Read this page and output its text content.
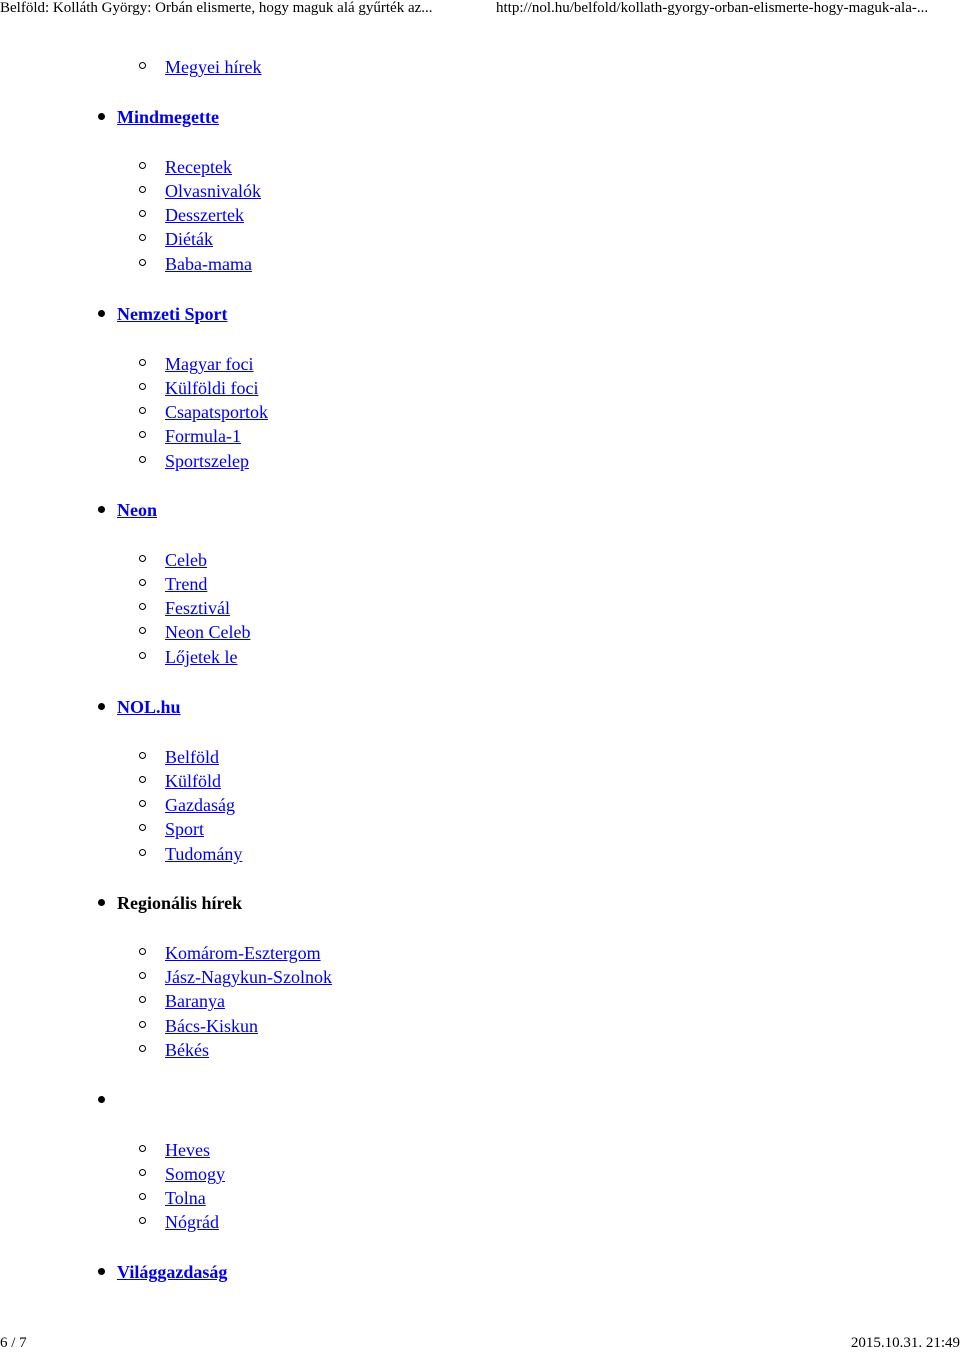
Belföld: Kolláth György: Orbán elismerte, hogy maguk alá gyűrték az...	http://nol.hu/belfold/kollath-gyorgy-orban-elismerte-hogy-maguk-ala-...
Megyei hírek
Mindmegette
Receptek
Olvasnivalók
Desszertek
Diéták
Baba-mama
Nemzeti Sport
Magyar foci
Külföldi foci
Csapatsportok
Formula-1
Sportszelep
Neon
Celeb
Trend
Fesztivál
Neon Celeb
Lőjetek le
NOL.hu
Belföld
Külföld
Gazdaság
Sport
Tudomány
Regionális hírek
Komárom-Esztergom
Jász-Nagykun-Szolnok
Baranya
Bács-Kiskun
Békés
Heves
Somogy
Tolna
Nógrád
Világgazdaság
6 / 7	2015.10.31. 21:49
